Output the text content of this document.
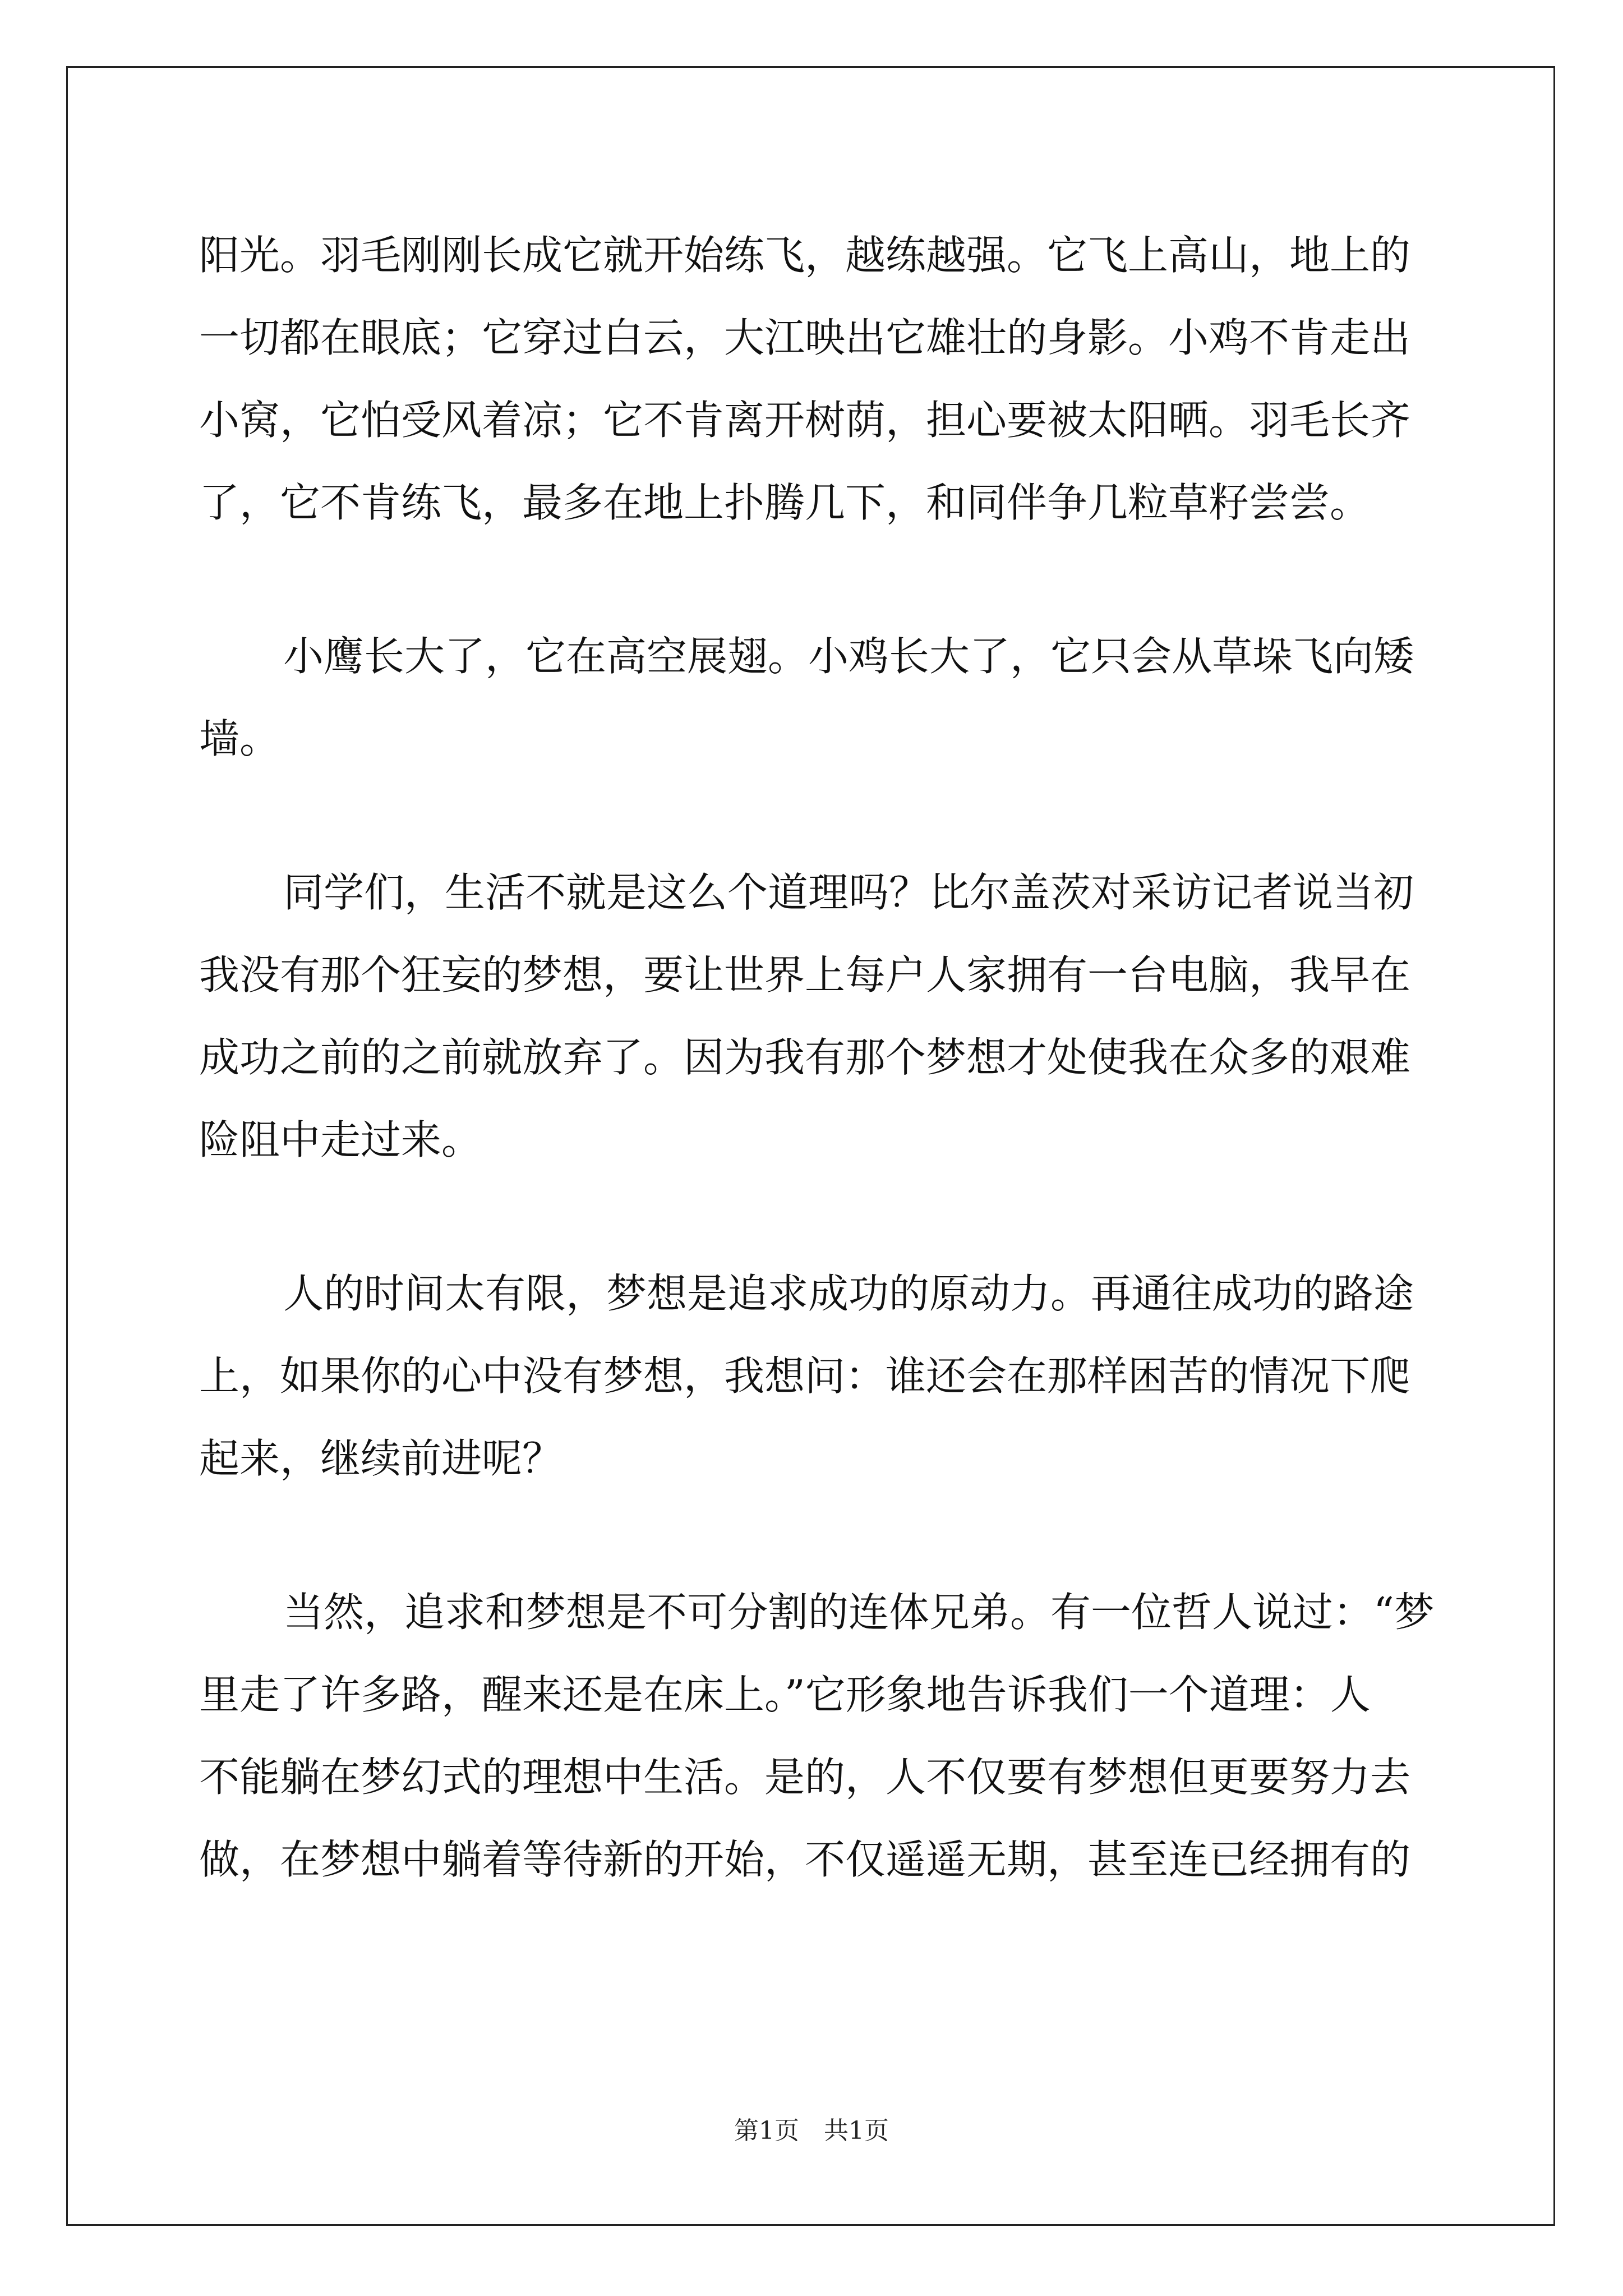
阳光。羽毛刚刚长成它就开始练飞，越练越强。它飞上高山，地上的
一切都在眼底；它穿过白云，大江映出它雄壮的身影。小鸡不肯走出
小窝，它怕受风着凉；它不肯离开树荫，担心要被太阳晒。羽毛长齐
了，它不肯练飞，最多在地上扑腾几下，和同伴争几粒草籽尝尝。

小鹰长大了，它在高空展翅。小鸡长大了，它只会从草垛飞向矮
墙。

同学们，生活不就是这么个道理吗？比尔盖茨对采访记者说当初
我没有那个狂妄的梦想，要让世界上每户人家拥有一台电脑，我早在
成功之前的之前就放弃了。因为我有那个梦想才处使我在众多的艰难
险阻中走过来。

人的时间太有限，梦想是追求成功的原动力。再通往成功的路途
上，如果你的心中没有梦想，我想问：谁还会在那样困苦的情况下爬
起来，继续前进呢？

当然，追求和梦想是不可分割的连体兄弟。有一位哲人说过：“梦
里走了许多路，醒来还是在床上。”它形象地告诉我们一个道理：人
不能躺在梦幻式的理想中生活。是的，人不仅要有梦想但更要努力去
做，在梦想中躺着等待新的开始，不仅遥遥无期，甚至连已经拥有的

第1页　共1页
